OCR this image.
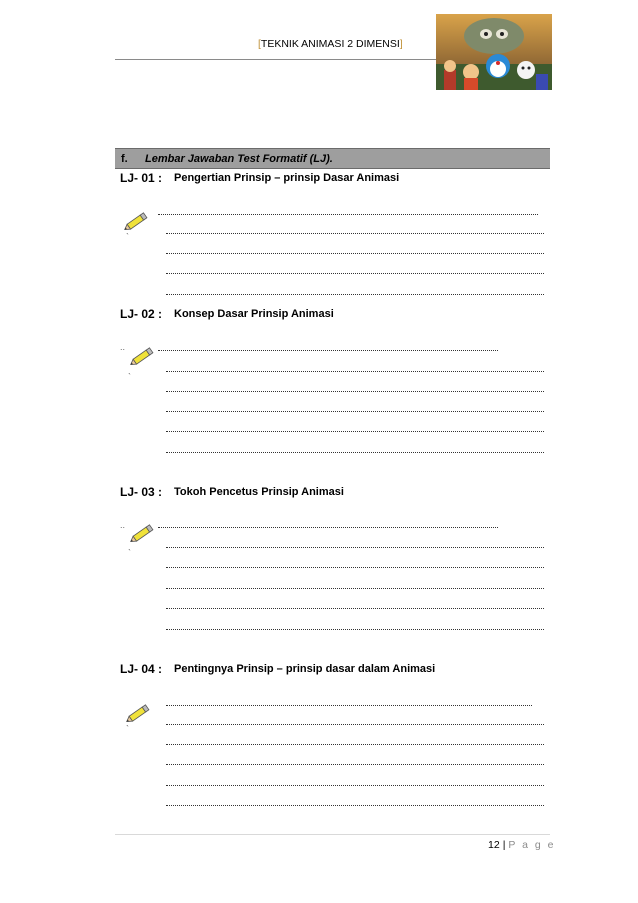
[TEKNIK ANIMASI 2 DIMENSI]
f. Lembar Jawaban Test Formatif (LJ).
LJ- 01 : Pengertian Prinsip – prinsip Dasar Animasi
`
LJ- 02 : Konsep Dasar Prinsip Animasi
..
`
LJ- 03 : Tokoh Pencetus Prinsip Animasi
..
`
LJ- 04 : Pentingnya Prinsip – prinsip dasar dalam Animasi
`
12 | P a g e
